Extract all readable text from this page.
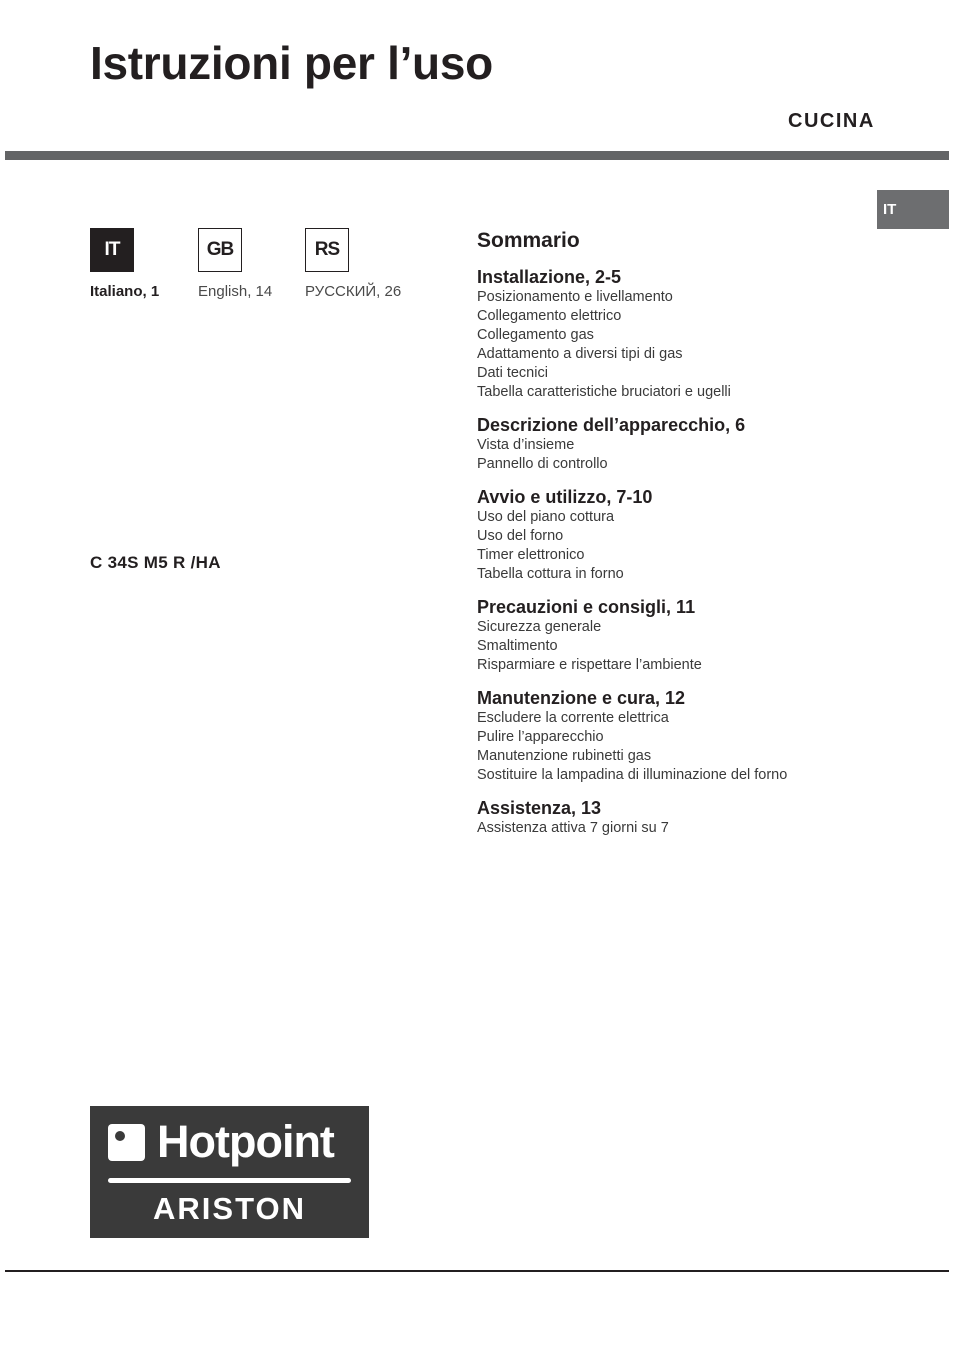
Istruzioni per l’uso
CUCINA
IT
IT
Italiano, 1
GB
English, 14
RS
РУССКИЙ, 26
C 34S M5 R /HA
Sommario
Installazione, 2-5
Posizionamento e livellamento
Collegamento elettrico
Collegamento gas
Adattamento a diversi tipi di gas
Dati tecnici
Tabella caratteristiche bruciatori e ugelli
Descrizione dell’apparecchio, 6
Vista d’insieme
Pannello di controllo
Avvio e utilizzo, 7-10
Uso del piano cottura
Uso del forno
Timer elettronico
Tabella cottura in forno
Precauzioni e consigli, 11
Sicurezza generale
Smaltimento
Risparmiare e rispettare l’ambiente
Manutenzione e cura, 12
Escludere la corrente elettrica
Pulire l’apparecchio
Manutenzione rubinetti gas
Sostituire la lampadina di illuminazione del forno
Assistenza, 13
Assistenza attiva 7 giorni su 7
Hotpoint
ARISTON
